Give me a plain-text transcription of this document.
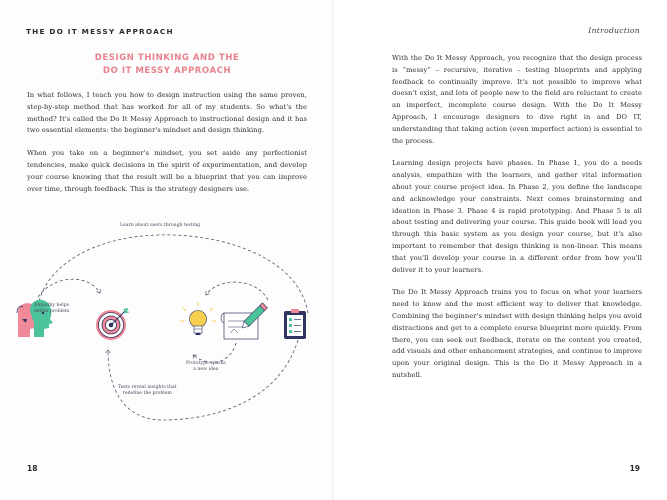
THE DO IT MESSY APPROACH
DESIGN THINKING AND THE
DO IT MESSY APPROACH

In what follows, I teach you how to design instruction using the same proven, step-by-step method that has worked for all of my students. So what's the method? It's called the Do It Messy Approach to instructional design and it has two essential elements: the beginner's mindset and design thinking.

When you take on a beginner's mindset, you set aside any perfectionist tendencies, make quick decisions in the spirit of experimentation, and develop your course knowing that the result will be a blueprint that you can improve over time, through feedback. This is the strategy designers use.

Learn about users through testing
Empathy helps
define problem
Prototype sparks
a new idea
Tests reveal insights that
redefine the problem
18
Introduction
19

With the Do It Messy Approach, you recognize that the design process is “messy” – recursive, iterative – testing blueprints and applying feedback to continually improve. It's not possible to improve what doesn't exist, and lots of people new to the field are reluctant to create an imperfect, incomplete course design. With the Do It Messy Approach, I encourage designers to dive right in and DO IT, understanding that taking action (even imperfect action) is essential to the process.

Learning design projects have phases. In Phase 1, you do a needs analysis, empathize with the learners, and gather vital information about your course project idea. In Phase 2, you define the landscape and acknowledge your constraints. Next comes brainstorming and ideation in Phase 3. Phase 4 is rapid prototyping. And Phase 5 is all about testing and delivering your course. This guide book will lead you through this basic system as you design your course, but it's also important to remember that design thinking is non-linear. This means that you'll develop your course in a different order from how you'll deliver it to your learners.

The Do It Messy Approach trains you to focus on what your learners need to know and the most efficient way to deliver that knowledge. Combining the beginner's mindset with design thinking helps you avoid distractions and get to a complete course blueprint more quickly. From there, you can seek out feedback, iterate on the content you created, add visuals and other enhancement strategies, and continue to improve upon your original design. This is the Do it Messy Approach in a nutshell.
